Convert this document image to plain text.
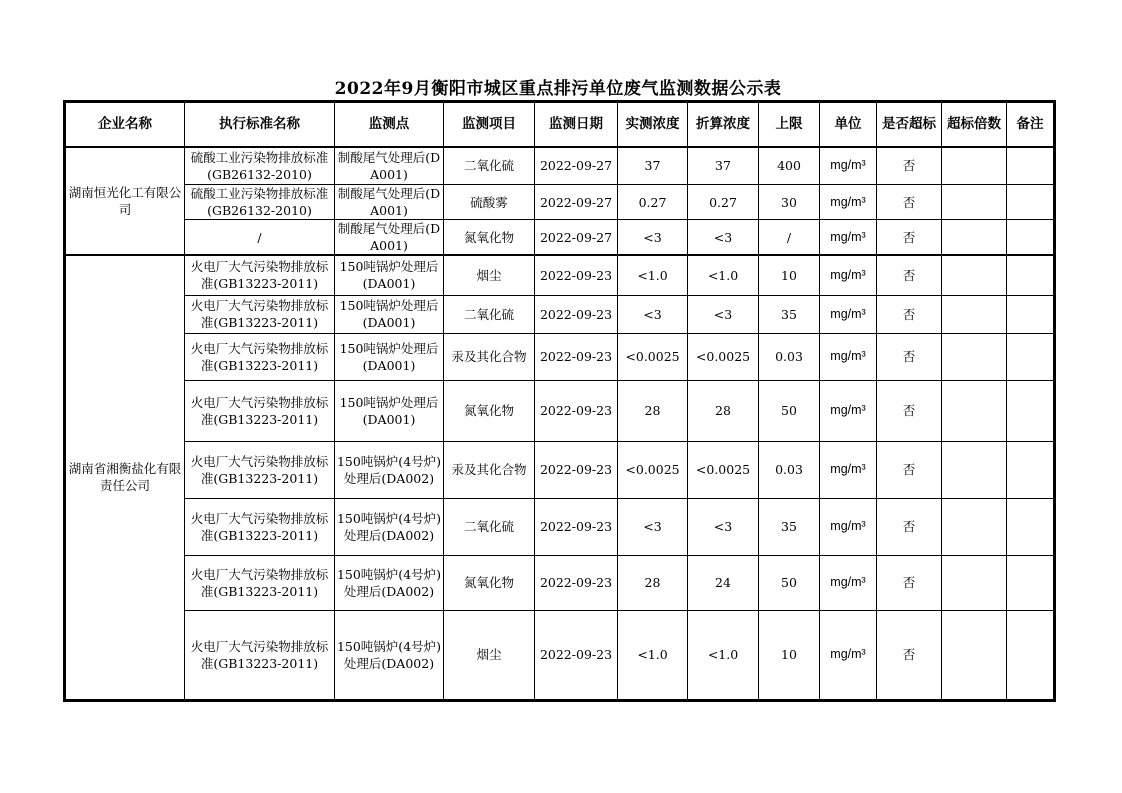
2022年9月衡阳市城区重点排污单位废气监测数据公示表
企业名称	执行标准名称	监测点	监测项目	监测日期	实测浓度	折算浓度	上限	单位	是否超标	超标倍数	备注
湖南恒光化工有限公司	硫酸工业污染物排放标准(GB26132-2010)	制酸尾气处理后(DA001)	二氧化硫	2022-09-27	37	37	400	mg/m³	否		
	硫酸工业污染物排放标准(GB26132-2010)	制酸尾气处理后(DA001)	硫酸雾	2022-09-27	0.27	0.27	30	mg/m³	否		
	/	制酸尾气处理后(DA001)	氮氧化物	2022-09-27	<3	<3	/	mg/m³	否		
湖南省湘衡盐化有限责任公司	火电厂大气污染物排放标准(GB13223-2011)	150吨锅炉处理后(DA001)	烟尘	2022-09-23	<1.0	<1.0	10	mg/m³	否		

	火电厂大气污染物排放标准(GB13223-2011)	150吨锅炉处理后(DA001)	二氧化硫	2022-09-23	<3	<3	35	mg/m³	否		

	火电厂大气污染物排放标准(GB13223-2011)	150吨锅炉处理后(DA001)	汞及其化合物	2022-09-23	<0.0025	<0.0025	0.03	mg/m³	否		
	火电厂大气污染物排放标准(GB13223-2011)	150吨锅炉处理后(DA001)	氮氧化物	2022-09-23	28	28	50	mg/m³	否		
	火电厂大气污染物排放标准(GB13223-2011)	150吨锅炉(4号炉)处理后(DA002)	汞及其化合物	2022-09-23	<0.0025	<0.0025	0.03	mg/m³	否		
	火电厂大气污染物排放标准(GB13223-2011)	150吨锅炉(4号炉)处理后(DA002)	二氧化硫	2022-09-23	<3	<3	35	mg/m³	否		
	火电厂大气污染物排放标准(GB13223-2011)	150吨锅炉(4号炉)处理后(DA002)	氮氧化物	2022-09-23	28	24	50	mg/m³	否		
	火电厂大气污染物排放标准(GB13223-2011)	150吨锅炉(4号炉)处理后(DA002)	烟尘	2022-09-23	<1.0	<1.0	10	mg/m³	否		
